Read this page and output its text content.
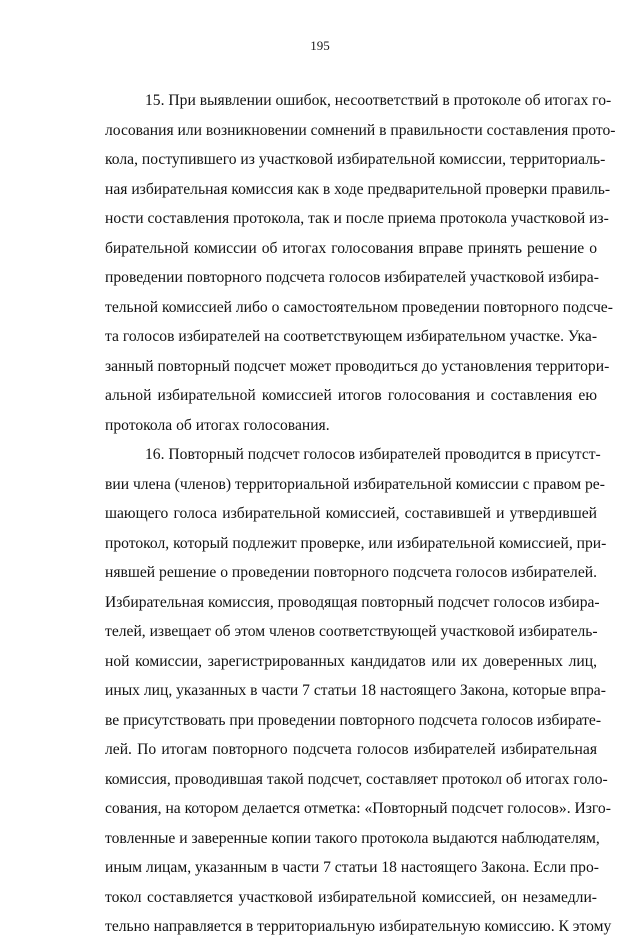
195
15. При выявлении ошибок, несоответствий в протоколе об итогах го-
лосования или возникновении сомнений в правильности составления прото-
кола, поступившего из участковой избирательной комиссии, территориаль-
ная избирательная комиссия как в ходе предварительной проверки правиль-
ности составления протокола, так и после приема протокола участковой из-
бирательной комиссии об итогах голосования вправе принять решение о
проведении повторного подсчета голосов избирателей участковой избира-
тельной комиссией либо о самостоятельном проведении повторного подсче-
та голосов избирателей на соответствующем избирательном участке. Ука-
занный повторный подсчет может проводиться до установления территори-
альной избирательной комиссией итогов голосования и составления ею
протокола об итогах голосования.
16. Повторный подсчет голосов избирателей проводится в присутст-
вии члена (членов) территориальной избирательной комиссии с правом ре-
шающего голоса избирательной комиссией, составившей и утвердившей
протокол, который подлежит проверке, или избирательной комиссией, при-
нявшей решение о проведении повторного подсчета голосов избирателей.
Избирательная комиссия, проводящая повторный подсчет голосов избира-
телей, извещает об этом членов соответствующей участковой избиратель-
ной комиссии, зарегистрированных кандидатов или их доверенных лиц,
иных лиц, указанных в части 7 статьи 18 настоящего Закона, которые впра-
ве присутствовать при проведении повторного подсчета голосов избирате-
лей. По итогам повторного подсчета голосов избирателей избирательная
комиссия, проводившая такой подсчет, составляет протокол об итогах голо-
сования, на котором делается отметка: «Повторный подсчет голосов». Изго-
товленные и заверенные копии такого протокола выдаются наблюдателям,
иным лицам, указанным в части 7 статьи 18 настоящего Закона. Если про-
токол составляется участковой избирательной комиссией, он незамедли-
тельно направляется в территориальную избирательную комиссию. К этому
